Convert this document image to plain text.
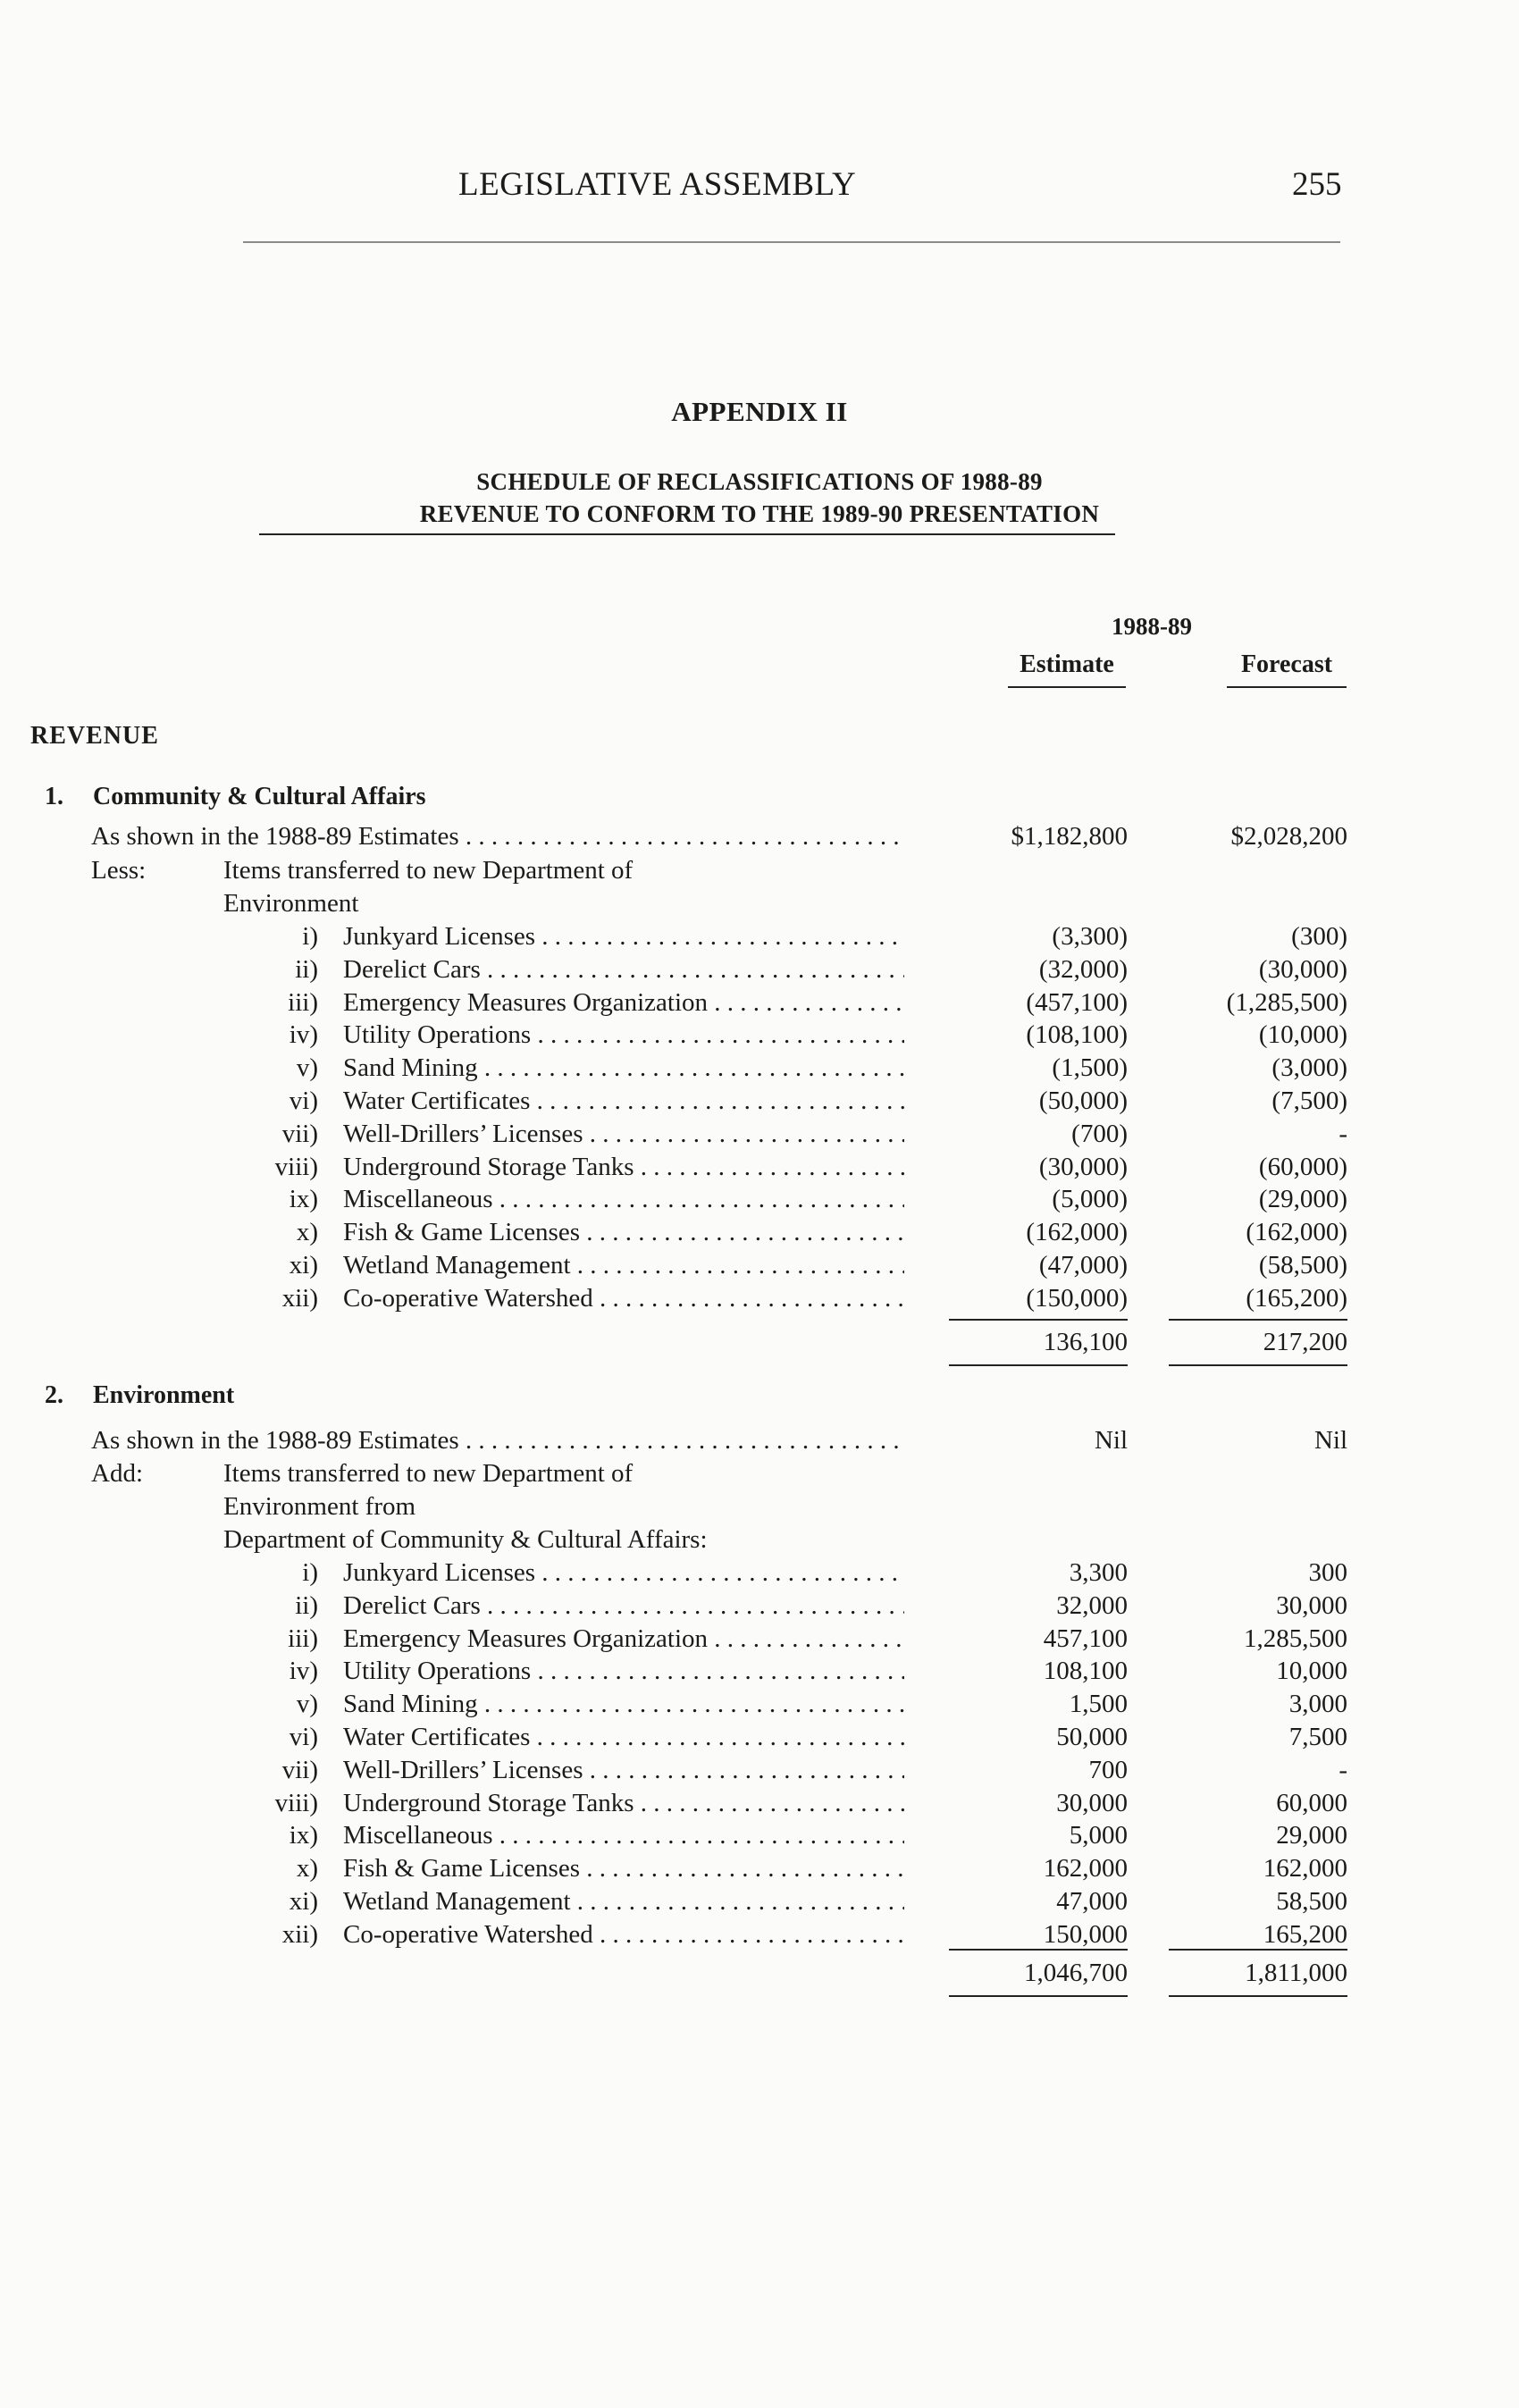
LEGISLATIVE ASSEMBLY	255
APPENDIX II
SCHEDULE OF RECLASSIFICATIONS OF 1988-89
REVENUE TO CONFORM TO THE 1989-90 PRESENTATION
1988-89
Estimate	Forecast
REVENUE
1. Community & Cultural Affairs
As shown in the 1988-89 Estimates . . .	$1,182,800	$2,028,200
Less:	Items transferred to new Department of
Environment
i) Junkyard Licenses . . .	(3,300)	(300)
ii) Derelict Cars . . .	(32,000)	(30,000)
iii) Emergency Measures Organization . . .	(457,100)	(1,285,500)
iv) Utility Operations . . .	(108,100)	(10,000)
v) Sand Mining . . .	(1,500)	(3,000)
vi) Water Certificates . . .	(50,000)	(7,500)
vii) Well-Drillers’ Licenses . . .	(700)	-
viii) Underground Storage Tanks . . .	(30,000)	(60,000)
ix) Miscellaneous . . .	(5,000)	(29,000)
x) Fish & Game Licenses . . .	(162,000)	(162,000)
xi) Wetland Management . . .	(47,000)	(58,500)
xii) Co-operative Watershed . . .	(150,000)	(165,200)
136,100	217,200
2. Environment
As shown in the 1988-89 Estimates . . .	Nil	Nil
Add:	Items transferred to new Department of
Environment from
Department of Community & Cultural Affairs:
i) Junkyard Licenses . . .	3,300	300
ii) Derelict Cars . . .	32,000	30,000
iii) Emergency Measures Organization . . .	457,100	1,285,500
iv) Utility Operations . . .	108,100	10,000
v) Sand Mining . . .	1,500	3,000
vi) Water Certificates . . .	50,000	7,500
vii) Well-Drillers’ Licenses . . .	700	-
viii) Underground Storage Tanks . . .	30,000	60,000
ix) Miscellaneous . . .	5,000	29,000
x) Fish & Game Licenses . . .	162,000	162,000
xi) Wetland Management . . .	47,000	58,500
xii) Co-operative Watershed . . .	150,000	165,200
1,046,700	1,811,000
